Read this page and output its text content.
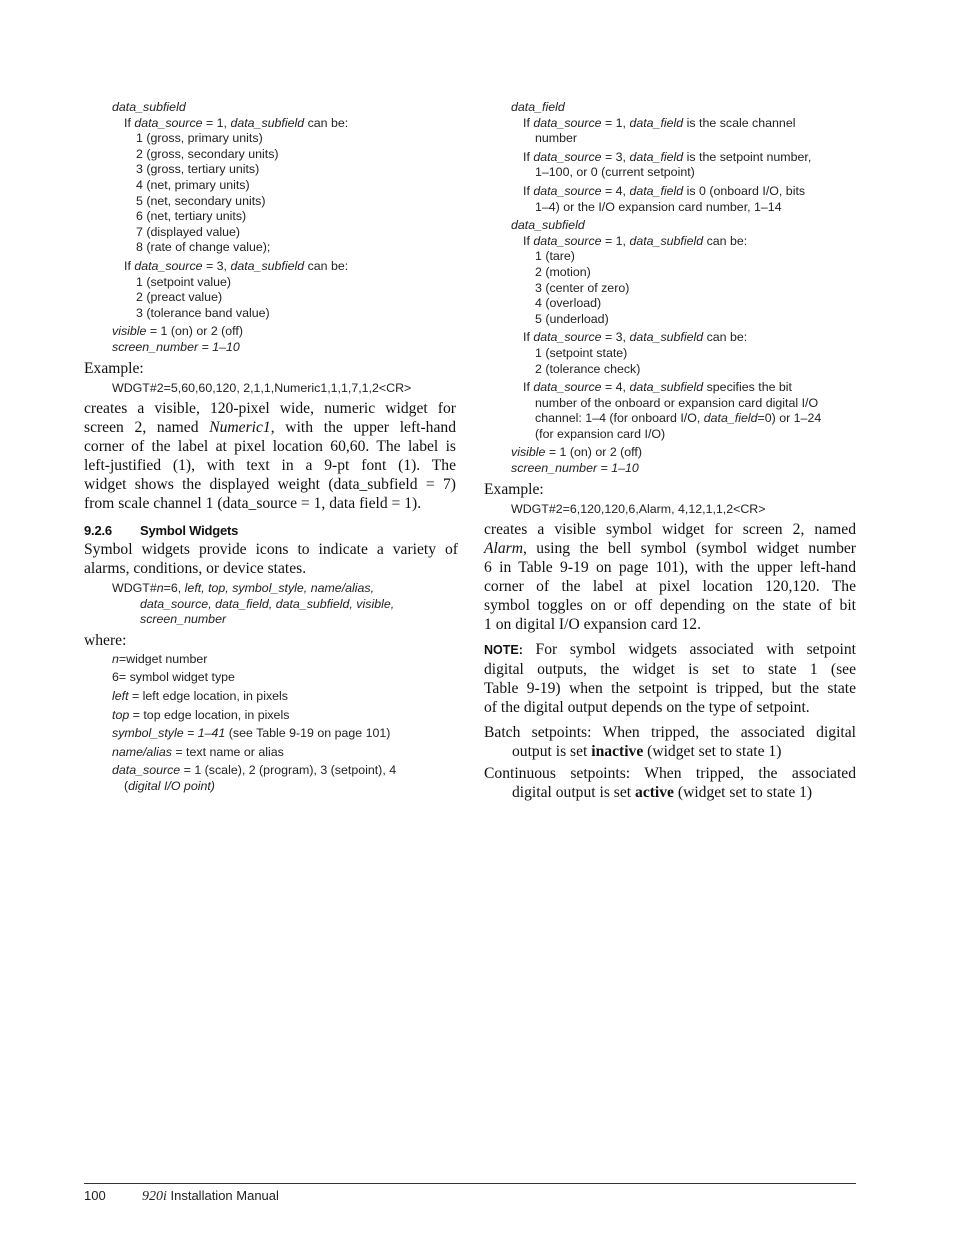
data_subfield
If data_source = 1, data_subfield can be:
1 (gross, primary units)
2 (gross, secondary units)
3 (gross, tertiary units)
4 (net, primary units)
5 (net, secondary units)
6 (net, tertiary units)
7 (displayed value)
8 (rate of change value);
If data_source = 3, data_subfield can be:
1 (setpoint value)
2 (preact value)
3 (tolerance band value)
visible = 1 (on) or 2 (off)
screen_number = 1–10
Example:
WDGT#2=5,60,60,120, 2,1,1,Numeric1,1,1,7,1,2<CR>
creates a visible, 120-pixel wide, numeric widget for
screen 2, named Numeric1, with the upper left-hand
corner of the label at pixel location 60,60. The label is
left-justified (1), with text in a 9-pt font (1). The
widget shows the displayed weight (data_subfield = 7)
from scale channel 1 (data_source = 1, data field = 1).
9.2.6 Symbol Widgets
Symbol widgets provide icons to indicate a variety of
alarms, conditions, or device states.
WDGT#n=6, left, top, symbol_style, name/alias,
data_source, data_field, data_subfield, visible,
screen_number
where:
n=widget number
6= symbol widget type
left = left edge location, in pixels
top = top edge location, in pixels
symbol_style = 1–41 (see Table 9-19 on page 101)
name/alias = text name or alias
data_source = 1 (scale), 2 (program), 3 (setpoint), 4
(digital I/O point)
data_field
If data_source = 1, data_field is the scale channel
number
If data_source = 3, data_field is the setpoint number,
1–100, or 0 (current setpoint)
If data_source = 4, data_field is 0 (onboard I/O, bits
1–4) or the I/O expansion card number, 1–14
data_subfield
If data_source = 1, data_subfield can be:
1 (tare)
2 (motion)
3 (center of zero)
4 (overload)
5 (underload)
If data_source = 3, data_subfield can be:
1 (setpoint state)
2 (tolerance check)
If data_source = 4, data_subfield specifies the bit
number of the onboard or expansion card digital I/O
channel: 1–4 (for onboard I/O, data_field=0) or 1–24
(for expansion card I/O)
visible = 1 (on) or 2 (off)
screen_number = 1–10
Example:
WDGT#2=6,120,120,6,Alarm, 4,12,1,1,2<CR>
creates a visible symbol widget for screen 2, named
Alarm, using the bell symbol (symbol widget number
6 in Table 9-19 on page 101), with the upper left-hand
corner of the label at pixel location 120,120. The
symbol toggles on or off depending on the state of bit
1 on digital I/O expansion card 12.
NOTE: For symbol widgets associated with setpoint
digital outputs, the widget is set to state 1 (see
Table 9-19) when the setpoint is tripped, but the state
of the digital output depends on the type of setpoint.
Batch setpoints: When tripped, the associated digital
output is set inactive (widget set to state 1)
Continuous setpoints: When tripped, the associated
digital output is set active (widget set to state 1)
100	920i Installation Manual
